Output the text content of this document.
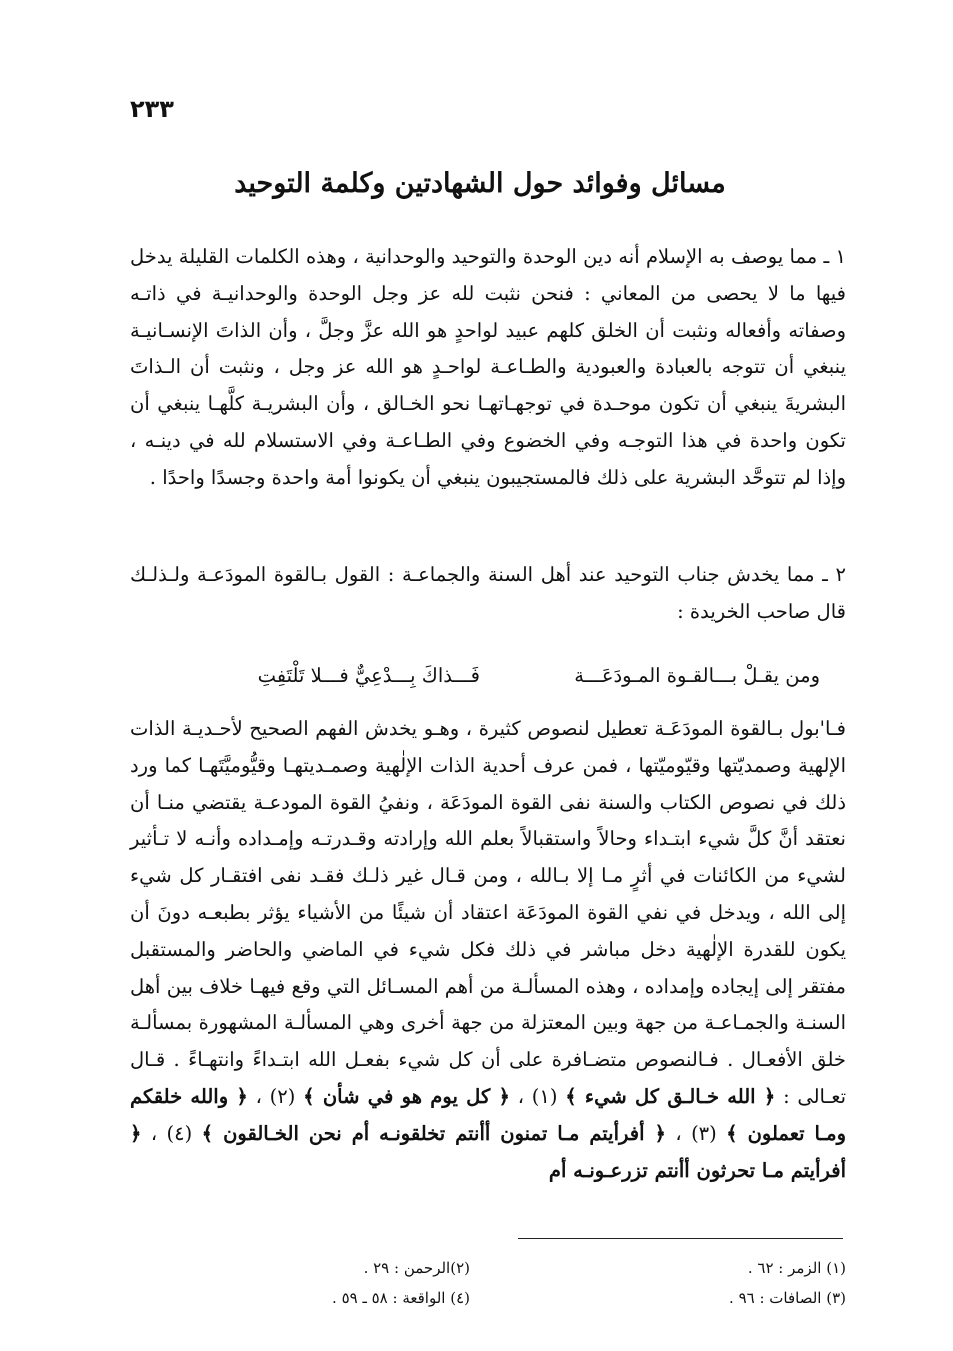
٢٣٣
مسائل وفوائد حول الشهادتين وكلمة التوحيد

١ ـ مما يوصف به الإسلام أنه دين الوحدة والتوحيد والوحدانية ، وهذه الكلمات القليلة يدخل فيها ما لا يحصى من المعاني : فنحن نثبت لله عز وجل الوحدة والوحدانيـة في ذاتـه وصفاته وأفعاله ونثبت أن الخلق كلهم عبيد لواحدٍ هو الله عزَّ وجلَّ ، وأن الذاتَ الإنسـانيـة ينبغي أن تتوجه بالعبادة والعبودية والطـاعـة لواحـدٍ هو الله عز وجل ، ونثبت أن الـذاتَ البشريةَ ينبغي أن تكون موحـدة في توجهـاتهـا نحو الخـالق ، وأن البشريـة كلَّهـا ينبغي أن تكون واحدة في هذا التوجـه وفي الخضوع وفي الطـاعـة وفي الاستسلام لله في دينـه ، وإذا لم تتوحَّد البشرية على ذلك فالمستجيبون ينبغي أن يكونوا أمة واحدة وجسدًا واحدًا .

٢ ـ مما يخدش جناب التوحيد عند أهل السنة والجماعـة : القول بـالقوة المودَعـة ولـذلـك قال صاحب الخريدة :

ومن يقـلْ بـــالقـوة المـودَعَـــة
فَـــذاكَ بِـــدْعِيٌّ فـــلا تَلْتَفِتِ

فـا'بول بـالقوة المودَعَـة تعطيل لنصوص كثيرة ، وهـو يخدش الفهم الصحيح لأحـديـة الذات الإلهية وصمديّتها وقيّوميّتها ، فمن عرف أحدية الذات الإلٰهية وصمـديتهـا وقيُّوميَّتَهـا كما ورد ذلك في نصوص الكتاب والسنة نفى القوة المودَعَة ، ونفيُ القوة المودعـة يقتضي منـا أن نعتقد أنَّ كلَّ شيء ابتـداء وحالاً واستقبالاً بعلم الله وإرادته وقـدرتـه وإمـداده وأنـه لا تـأثير لشيء من الكائنات في أثرٍ مـا إلا بـالله ، ومن قـال غير ذلـك فقـد نفى افتقـار كل شيء إلى الله ، ويدخل في نفي القوة المودَعَة اعتقاد أن شيئًا من الأشياء يؤثر بطبعـه دونَ أن يكون للقدرة الإلٰهية دخل مباشر في ذلك فكل شيء في الماضي والحاضر والمستقبل مفتقر إلى إيجاده وإمداده ، وهذه المسألـة من أهم المسـائل التي وقع فيهـا خلاف بين أهل السنـة والجمـاعـة من جهة وبين المعتزلة من جهة أخرى وهي المسألـة المشهورة بمسألـة خلق الأفعـال . فـالنصوص متضـافرة على أن كل شيء بفعـل الله ابتـداءً وانتهـاءً . قـال تعـالى : ﴿ الله خـالـق كل شيء ﴾ (١) ، ﴿ كل يوم هو في شأن ﴾ (٢) ، ﴿ والله خلقكم ومـا تعملون ﴾ (٣) ، ﴿ أفرأيتم مـا تمنون أأنتم تخلقونـه أم نحن الخـالقون ﴾ (٤) ، ﴿ أفرأيتم مـا تحرثون أأنتم تزرعـونـه أم

(١) الزمر : ٦٢ .
(٢)الرحمن : ٢٩ .
(٣) الصافات : ٩٦ .
(٤) الواقعة : ٥٨ ـ ٥٩ .
